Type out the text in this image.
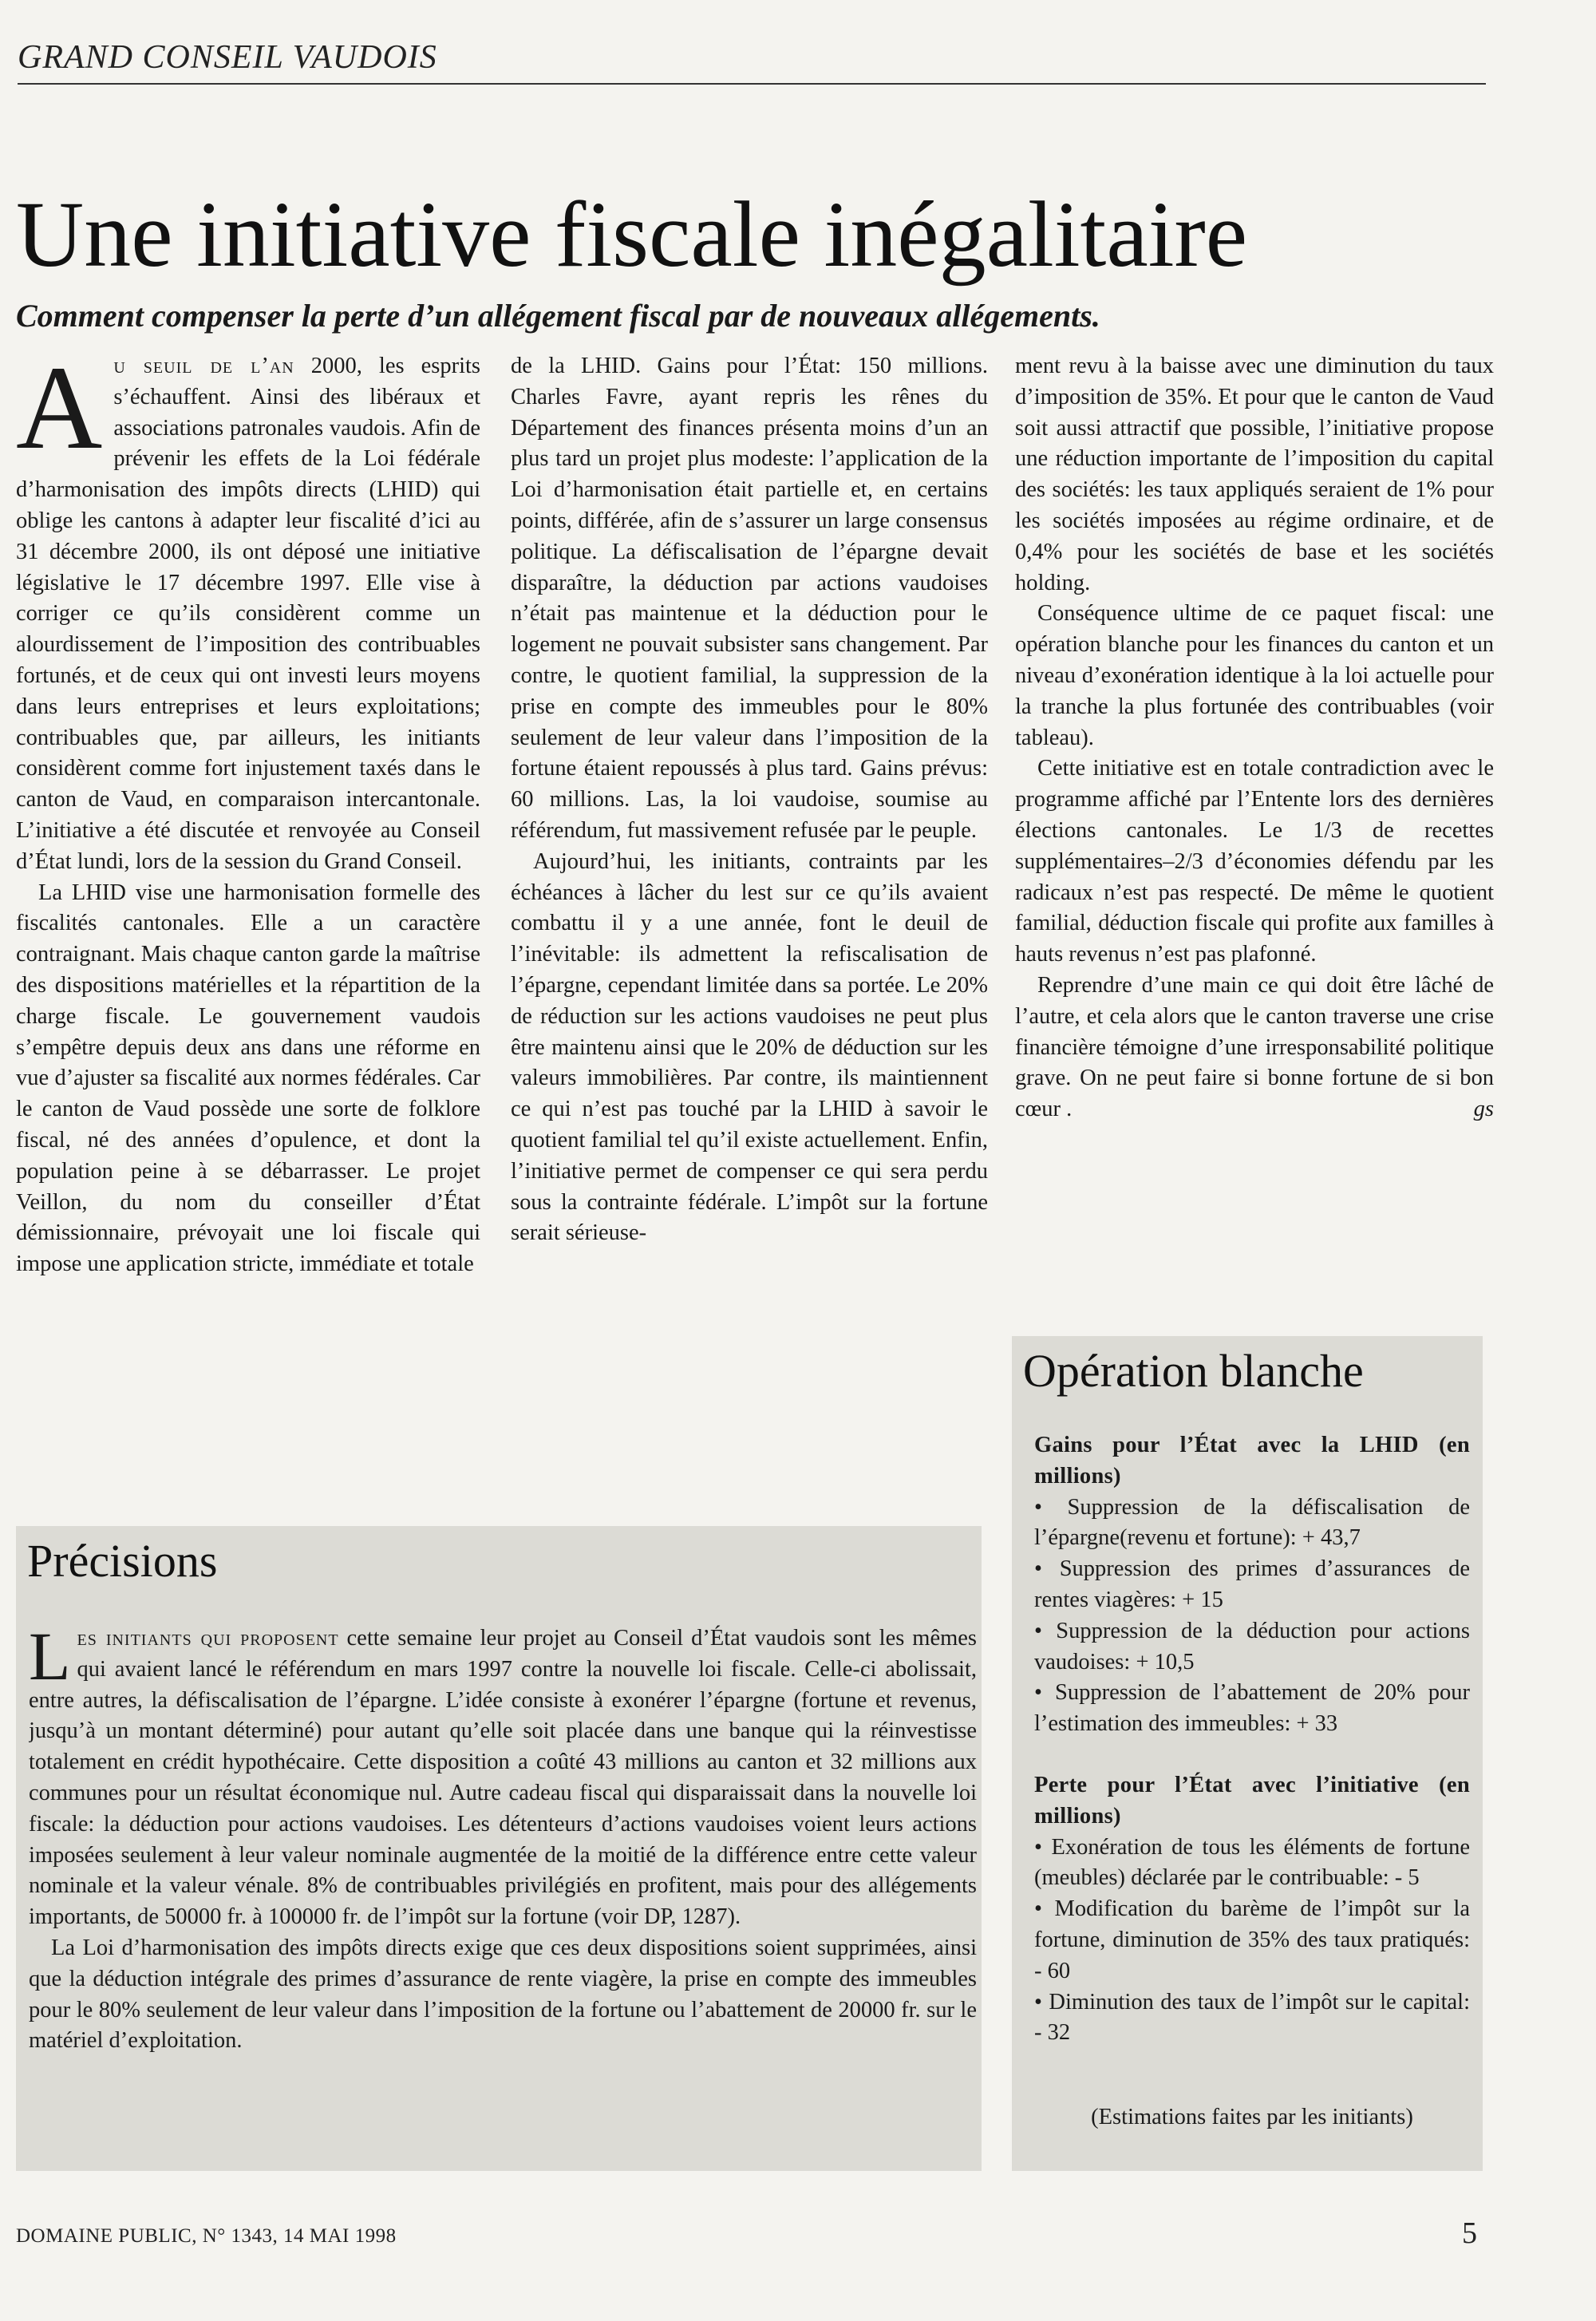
GRAND CONSEIL VAUDOIS
Une initiative fiscale inégalitaire
Comment compenser la perte d’un allégement fiscal par de nouveaux allégements.

Au seuil de l’an 2000, les esprits s’échauffent. Ainsi des libéraux et associations patronales vaudois. Afin de prévenir les effets de la Loi fédérale d’harmonisation des impôts directs (LHID) qui oblige les cantons à adapter leur fiscalité d’ici au 31 décembre 2000, ils ont déposé une initiative législative le 17 décembre 1997. Elle vise à corriger ce qu’ils considèrent comme un alourdissement de l’imposition des contribuables fortunés, et de ceux qui ont investi leurs moyens dans leurs entreprises et leurs exploitations; contribuables que, par ailleurs, les initiants considèrent comme fort injustement taxés dans le canton de Vaud, en comparaison intercantonale. L’initiative a été discutée et renvoyée au Conseil d’État lundi, lors de la session du Grand Conseil.

La LHID vise une harmonisation formelle des fiscalités cantonales. Elle a un caractère contraignant. Mais chaque canton garde la maîtrise des dispositions matérielles et la répartition de la charge fiscale. Le gouvernement vaudois s’empêtre depuis deux ans dans une réforme en vue d’ajuster sa fiscalité aux normes fédérales. Car le canton de Vaud possède une sorte de folklore fiscal, né des années d’opulence, et dont la population peine à se débarrasser. Le projet Veillon, du nom du conseiller d’État démissionnaire, prévoyait une loi fiscale qui impose une application stricte, immédiate et totale

de la LHID. Gains pour l’État: 150 millions. Charles Favre, ayant repris les rênes du Département des finances présenta moins d’un an plus tard un projet plus modeste: l’application de la Loi d’harmonisation était partielle et, en certains points, différée, afin de s’assurer un large consensus politique. La défiscalisation de l’épargne devait disparaître, la déduction par actions vaudoises n’était pas maintenue et la déduction pour le logement ne pouvait subsister sans changement. Par contre, le quotient familial, la suppression de la prise en compte des immeubles pour le 80% seulement de leur valeur dans l’imposition de la fortune étaient repoussés à plus tard. Gains prévus: 60 millions. Las, la loi vaudoise, soumise au référendum, fut massivement refusée par le peuple.

Aujourd’hui, les initiants, contraints par les échéances à lâcher du lest sur ce qu’ils avaient combattu il y a une année, font le deuil de l’inévitable: ils admettent la refiscalisation de l’épargne, cependant limitée dans sa portée. Le 20% de réduction sur les actions vaudoises ne peut plus être maintenu ainsi que le 20% de déduction sur les valeurs immobilières. Par contre, ils maintiennent ce qui n’est pas touché par la LHID à savoir le quotient familial tel qu’il existe actuellement. Enfin, l’initiative permet de compenser ce qui sera perdu sous la contrainte fédérale. L’impôt sur la fortune serait sérieuse-

ment revu à la baisse avec une diminution du taux d’imposition de 35%. Et pour que le canton de Vaud soit aussi attractif que possible, l’initiative propose une réduction importante de l’imposition du capital des sociétés: les taux appliqués seraient de 1% pour les sociétés imposées au régime ordinaire, et de 0,4% pour les sociétés de base et les sociétés holding.

Conséquence ultime de ce paquet fiscal: une opération blanche pour les finances du canton et un niveau d’exonération identique à la loi actuelle pour la tranche la plus fortunée des contribuables (voir tableau).

Cette initiative est en totale contradiction avec le programme affiché par l’Entente lors des dernières élections cantonales. Le 1/3 de recettes supplémentaires–2/3 d’économies défendu par les radicaux n’est pas respecté. De même le quotient familial, déduction fiscale qui profite aux familles à hauts revenus n’est pas plafonné.

Reprendre d’une main ce qui doit être lâché de l’autre, et cela alors que le canton traverse une crise financière témoigne d’une irresponsabilité politique grave. On ne peut faire si bonne fortune de si bon cœur .	gs

Précisions

Les initiants qui proposent cette semaine leur projet au Conseil d’État vaudois sont les mêmes qui avaient lancé le référendum en mars 1997 contre la nouvelle loi fiscale. Celle-ci abolissait, entre autres, la défiscalisation de l’épargne. L’idée consiste à exonérer l’épargne (fortune et revenus, jusqu’à un montant déterminé) pour autant qu’elle soit placée dans une banque qui la réinvestisse totalement en crédit hypothécaire. Cette disposition a coûté 43 millions au canton et 32 millions aux communes pour un résultat économique nul. Autre cadeau fiscal qui disparaissait dans la nouvelle loi fiscale: la déduction pour actions vaudoises. Les détenteurs d’actions vaudoises voient leurs actions imposées seulement à leur valeur nominale augmentée de la moitié de la différence entre cette valeur nominale et la valeur vénale. 8% de contribuables privilégiés en profitent, mais pour des allégements importants, de 50000 fr. à 100000 fr. de l’impôt sur la fortune (voir DP, 1287).

La Loi d’harmonisation des impôts directs exige que ces deux dispositions soient supprimées, ainsi que la déduction intégrale des primes d’assurance de rente viagère, la prise en compte des immeubles pour le 80% seulement de leur valeur dans l’imposition de la fortune ou l’abattement de 20000 fr. sur le matériel d’exploitation.

Opération blanche

Gains pour l’État avec la LHID (en millions)

• Suppression de la défiscalisation de l’épargne(revenu et fortune): + 43,7
• Suppression des primes d’assurances de rentes viagères: + 15
• Suppression de la déduction pour actions vaudoises: + 10,5
• Suppression de l’abattement de 20% pour l’estimation des immeubles: + 33

Perte pour l’État avec l’initiative (en millions)

• Exonération de tous les éléments de fortune (meubles) déclarée par le contribuable: - 5
• Modification du barème de l’impôt sur la fortune, diminution de 35% des taux pratiqués: - 60
• Diminution des taux de l’impôt sur le capital: - 32

(Estimations faites par les initiants)

DOMAINE PUBLIC, N° 1343, 14 MAI 1998	5
